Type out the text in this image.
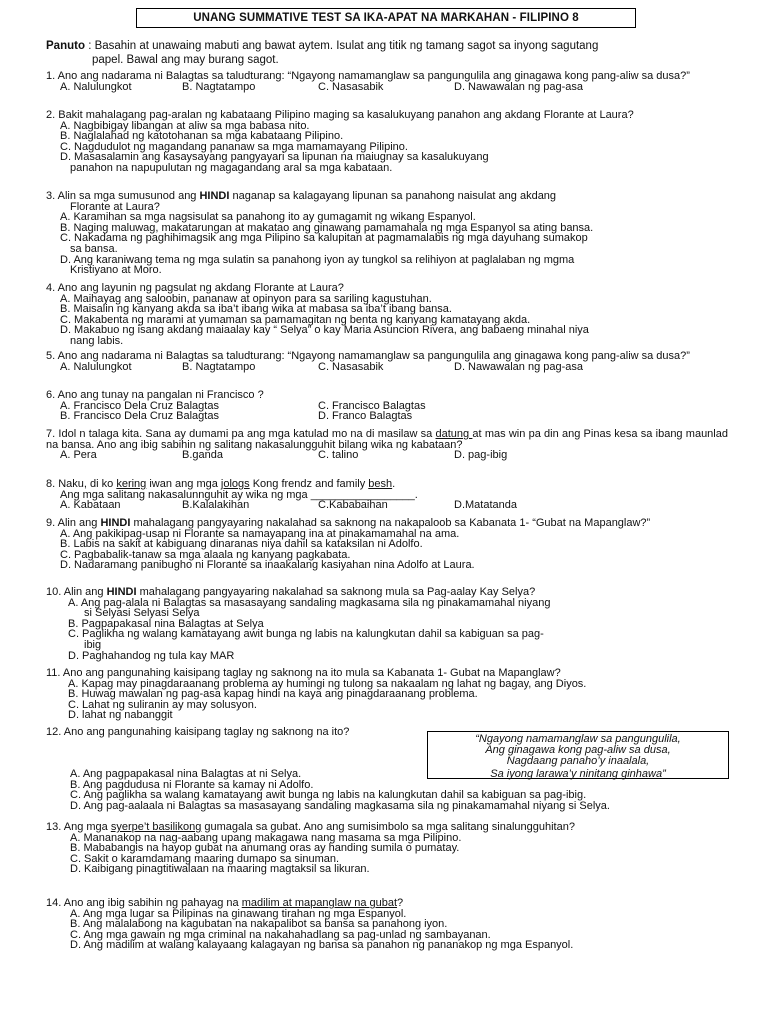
UNANG SUMMATIVE TEST SA IKA-APAT NA MARKAHAN - FILIPINO 8
Panuto : Basahin at unawaing mabuti ang bawat aytem. Isulat ang titik ng tamang sagot sa inyong sagutang
papel. Bawal ang may burang sagot.
1. Ano ang nadarama ni Balagtas sa taludturang: “Ngayong namamanglaw sa pangungulila ang ginagawa kong pang-aliw sa dusa?”
A. Nalulungkot	B. Nagtatampo	C. Nasasabik	D. Nawawalan ng pag-asa
2. Bakit mahalagang pag-aralan ng kabataang Pilipino maging sa kasalukuyang panahon ang akdang Florante at Laura?
A. Nagbibigay libangan at aliw sa mga babasa nito.
B. Naglalahad ng katotohanan sa mga kabataang Pilipino.
C. Nagdudulot ng magandang pananaw sa mga mamamayang Pilipino.
D. Masasalamin ang kasaysayang pangyayari sa lipunan na maiugnay sa kasalukuyang
panahon na napupulutan ng magagandang aral sa mga kabataan.
3. Alin sa mga sumusunod ang HINDI naganap sa kalagayang lipunan sa panahong naisulat ang akdang
Florante at Laura?
A. Karamihan sa mga nagsisulat sa panahong ito ay gumagamit ng wikang Espanyol.
B. Naging maluwag, makatarungan at makatao ang ginawang pamamahala ng mga Espanyol sa ating bansa.
C. Nakadama ng paghihimagsik ang mga Pilipino sa kalupitan at pagmamalabis ng mga dayuhang sumakop
sa bansa.
D. Ang karaniwang tema ng mga sulatin sa panahong iyon ay tungkol sa relihiyon at paglalaban ng mgma
Kristiyano at Moro.
4. Ano ang layunin ng pagsulat ng akdang Florante at Laura?
A. Maihayag ang saloobin, pananaw at opinyon para sa sariling kagustuhan.
B. Maisalin ng kanyang akda sa iba’t ibang wika at mabasa sa iba’t ibang bansa.
C. Makabenta ng marami at yumaman sa pamamagitan ng benta ng kanyang kamatayang akda.
D. Makabuo ng isang akdang maiaalay kay “ Selya” o kay Maria Asuncion Rivera, ang babaeng minahal niya
nang labis.
5. Ano ang nadarama ni Balagtas sa taludturang: “Ngayong namamanglaw sa pangungulila ang ginagawa kong pang-aliw sa dusa?”
A. Nalulungkot	B. Nagtatampo	C. Nasasabik	D. Nawawalan ng pag-asa
6. Ano ang tunay na pangalan ni Francisco ?
A. Francisco Dela Cruz Balagtas	C. Francisco Balagtas
B. Francisco Dela Cruz Balagtas	D. Franco Balagtas
7. Idol n talaga kita. Sana ay dumami pa ang mga katulad mo na di masilaw sa datung at mas win pa din ang Pinas kesa sa ibang maunlad na bansa. Ano ang ibig sabihin ng salitang nakasalungguhit bilang wika ng kabataan?
A. Pera	B.ganda	C. talino	D. pag-ibig
8. Naku, di ko kering iwan ang mga jologs Kong frendz and family besh.
Ang mga salitang nakasalunnguhit ay wika ng mga _________________.
A. Kabataan	B.Kalalakihan	C.Kababaihan	D.Matatanda
9. Alin ang HINDI mahalagang pangyayaring nakalahad sa saknong na nakapaloob sa Kabanata 1- “Gubat na Mapanglaw?”
A. Ang pakikipag-usap ni Florante sa namayapang ina at pinakamamahal na ama.
B. Labis na sakit at kabiguang dinaranas niya dahil sa kataksilan ni Adolfo.
C. Pagbabalik-tanaw sa mga alaala ng kanyang pagkabata.
D. Nadaramang panibugho ni Florante sa inaakalang kasiyahan nina Adolfo at Laura.
10. Alin ang HINDI mahalagang pangyayaring nakalahad sa saknong mula sa Pag-aalay Kay Selya?
A. Ang pag-alala ni Balagtas sa masasayang sandaling magkasama sila ng pinakamamahal niyang
si Selyasi Selyasi Selya
B. Pagpapakasal nina Balagtas at Selya
C. Paglikha ng walang kamatayang awit bunga ng labis na kalungkutan dahil sa kabiguan sa pag-
ibig
D. Paghahandog ng tula kay MAR
11. Ano ang pangunahing kaisipang taglay ng saknong na ito mula sa Kabanata 1- Gubat na Mapanglaw?
A. Kapag may pinagdaraanang problema ay humingi ng tulong sa nakaalam ng lahat ng bagay, ang Diyos.
B. Huwag mawalan ng pag-asa kapag hindi na kaya ang pinagdaraanang problema.
C. Lahat ng suliranin ay may solusyon.
D. lahat ng nabanggit
12. Ano ang pangunahing kaisipang taglay ng saknong na ito?
“Ngayong namamanglaw sa pangungulila,
Ang ginagawa kong pag-aliw sa dusa,
Nagdaang panaho’y inaalala,
Sa iyong larawa’y ninitang ginhawa”
A. Ang pagpapakasal nina Balagtas at ni Selya.
B. Ang pagdudusa ni Florante sa kamay ni Adolfo.
C. Ang paglikha sa walang kamatayang awit bunga ng labis na kalungkutan dahil sa kabiguan sa pag-ibig.
D. Ang pag-aalaala ni Balagtas sa masasayang sandaling magkasama sila ng pinakamamahal niyang si Selya.
13. Ang mga syerpe’t basilikong gumagala sa gubat. Ano ang sumisimbolo sa mga salitang sinalungguhitan?
A. Mananakop na nag-aabang upang makagawa nang masama sa mga Pilipino.
B. Mababangis na hayop gubat na anumang oras ay handing sumila o pumatay.
C. Sakit o karamdamang maaring dumapo sa sinuman.
D. Kaibigang pinagtitiwalaan na maaring magtaksil sa likuran.
14. Ano ang ibig sabihin ng pahayag na madilim at mapanglaw na gubat?
A. Ang mga lugar sa Pilipinas na ginawang tirahan ng mga Espanyol.
B. Ang malalabong na kagubatan na nakapalibot sa bansa sa panahong iyon.
C. Ang mga gawain ng mga criminal na nakahahadlang sa pag-unlad ng sambayanan.
D. Ang madilim at walang kalayaang kalagayan ng bansa sa panahon ng pananakop ng mga Espanyol.
